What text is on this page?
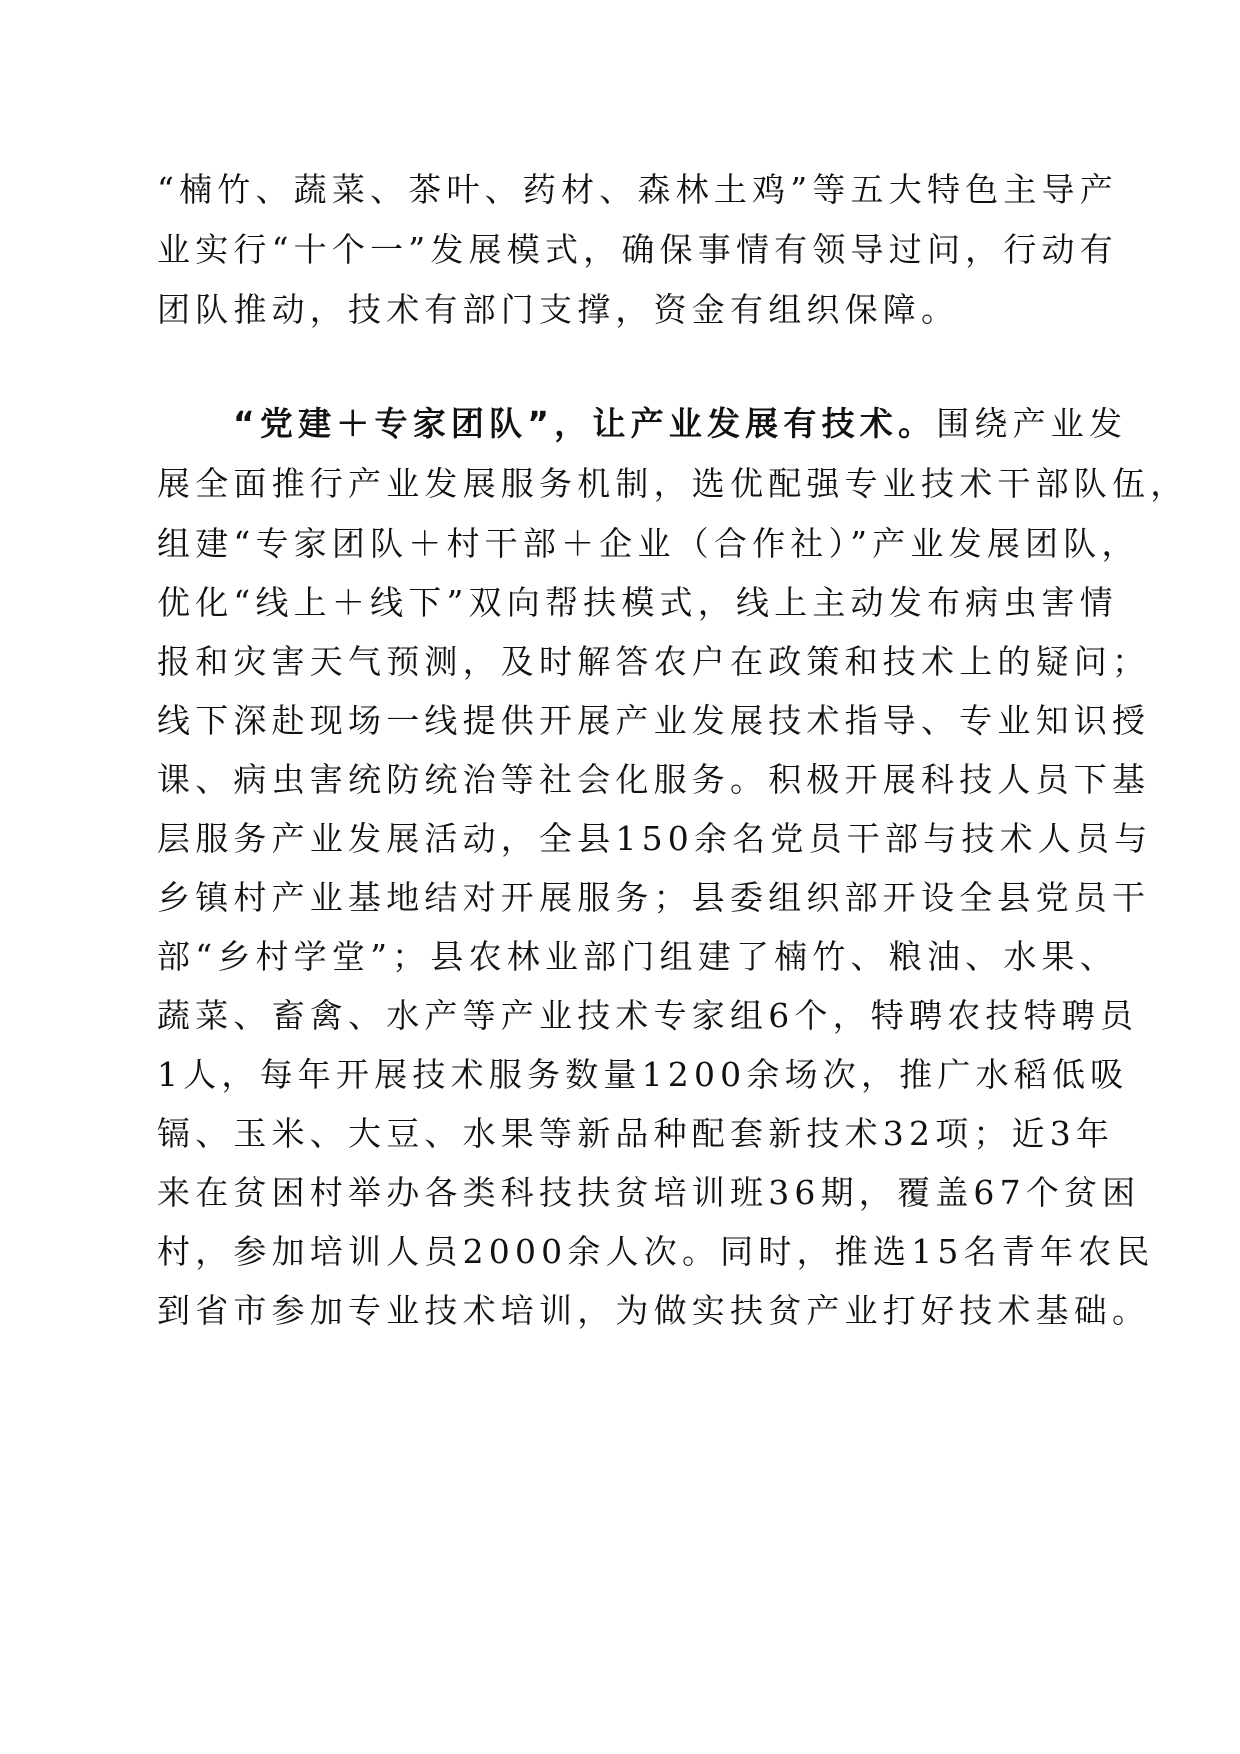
“楠竹、蔬菜、茶叶、药材、森林土鸡”等五大特色主导产
业实行“十个一”发展模式，确保事情有领导过问，行动有
团队推动，技术有部门支撑，资金有组织保障。
“党建＋专家团队”，让产业发展有技术。围绕产业发
展全面推行产业发展服务机制，选优配强专业技术干部队伍，
组建“专家团队＋村干部＋企业（合作社）”产业发展团队，
优化“线上＋线下”双向帮扶模式，线上主动发布病虫害情
报和灾害天气预测，及时解答农户在政策和技术上的疑问；
线下深赴现场一线提供开展产业发展技术指导、专业知识授
课、病虫害统防统治等社会化服务。积极开展科技人员下基
层服务产业发展活动，全县150余名党员干部与技术人员与
乡镇村产业基地结对开展服务；县委组织部开设全县党员干
部“乡村学堂”；县农林业部门组建了楠竹、粮油、水果、
蔬菜、畜禽、水产等产业技术专家组6个，特聘农技特聘员
1人，每年开展技术服务数量1200余场次，推广水稻低吸
镉、玉米、大豆、水果等新品种配套新技术32项；近3年
来在贫困村举办各类科技扶贫培训班36期，覆盖67个贫困
村，参加培训人员2000余人次。同时，推选15名青年农民
到省市参加专业技术培训，为做实扶贫产业打好技术基础。
